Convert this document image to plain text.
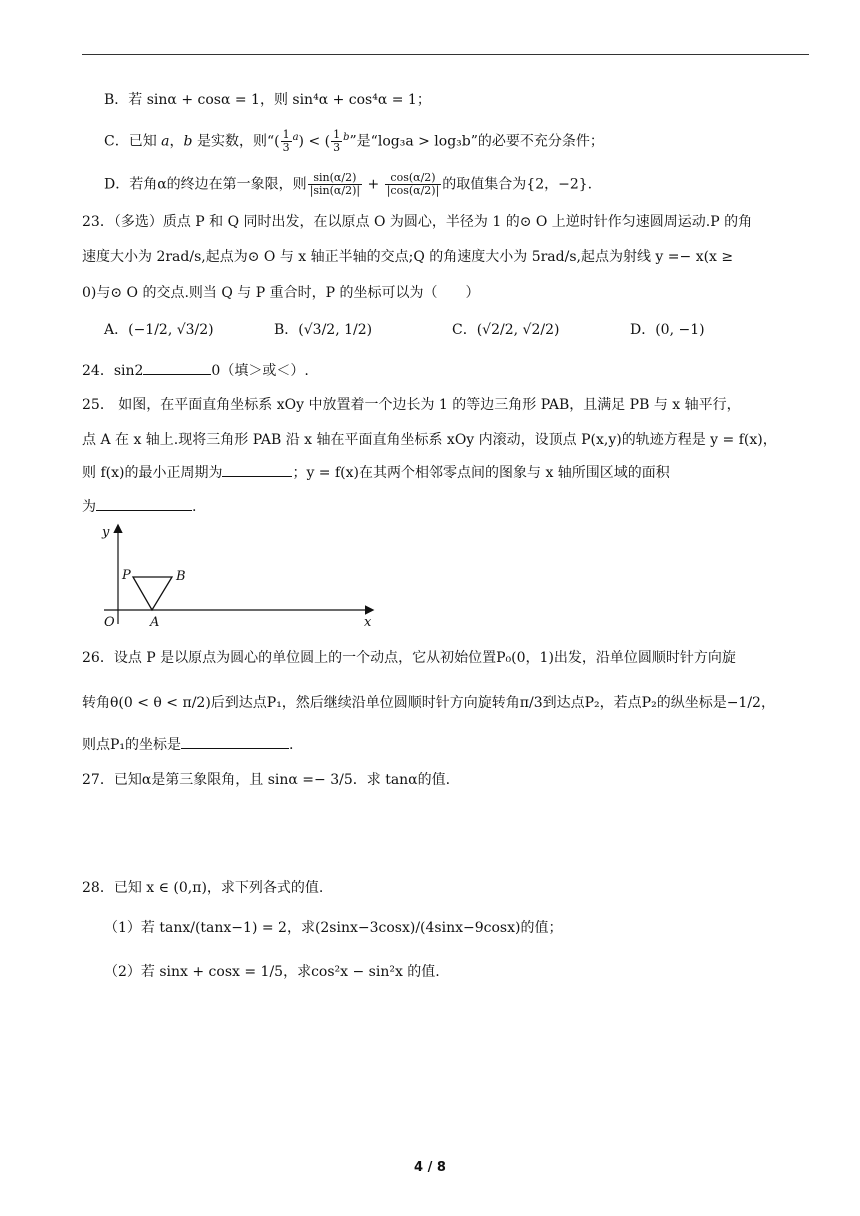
B．若 sinα + cosα = 1，则 sin⁴α + cos⁴α = 1；
C．已知 a，b 是实数，则“( $\frac{1}{3} ^a$) < ( $\frac{1}{3} ^b$”是“log₃a > log₃b”的必要不充分条件；
D．若角α的终边在第一象限，则 $\frac{\sin(\alpha/2)}{|\sin(\alpha/2)|} + \frac{\cos(\alpha/2)}{|\cos(\alpha/2)|}$ 的取值集合为{2，−2}.
23．（多选）质点 P 和 Q 同时出发，在以原点 O 为圆心，半径为 1 的⊙ O 上逆时针作匀速圆周运动.P 的角
速度大小为 2rad/s,起点为⊙ O 与 x 轴正半轴的交点;Q 的角速度大小为 5rad/s,起点为射线 y =− x(x ≥
0)与⊙ O 的交点.则当 Q 与 P 重合时，P 的坐标可以为（　　）
A．(−1/2, √3/2)	B．(√3/2, 1/2)	C．(√2/2, √2/2)	D．(0, −1)
24．sin2	0（填＞或＜）.
25． 如图，在平面直角坐标系 xOy 中放置着一个边长为 1 的等边三角形 PAB，且满足 PB 与 x 轴平行，
点 A 在 x 轴上.现将三角形 PAB 沿 x 轴在平面直角坐标系 xOy 内滚动，设顶点 P(x,y)的轨迹方程是 y = f(x)，
则 f(x)的最小正周期为	；y = f(x)在其两个相邻零点间的图象与 x 轴所围区域的面积
为	.
y
x
O
P	B
A
26．设点 P 是以原点为圆心的单位圆上的一个动点，它从初始位置P₀(0，1)出发，沿单位圆顺时针方向旋
转角θ(0 < θ < π/2)后到达点P₁，然后继续沿单位圆顺时针方向旋转角π/3到达点P₂，若点P₂的纵坐标是−1/2，
则点P₁的坐标是	.
27．已知α是第三象限角，且 sinα =− 3/5．求 tanα的值.
28．已知 x ∈ (0,π)，求下列各式的值.
（1）若 tanx/(tanx−1) = 2，求(2sinx−3cosx)/(4sinx−9cosx)的值；
（2）若 sinx + cosx = 1/5，求cos²x − sin²x 的值.
4 / 8
